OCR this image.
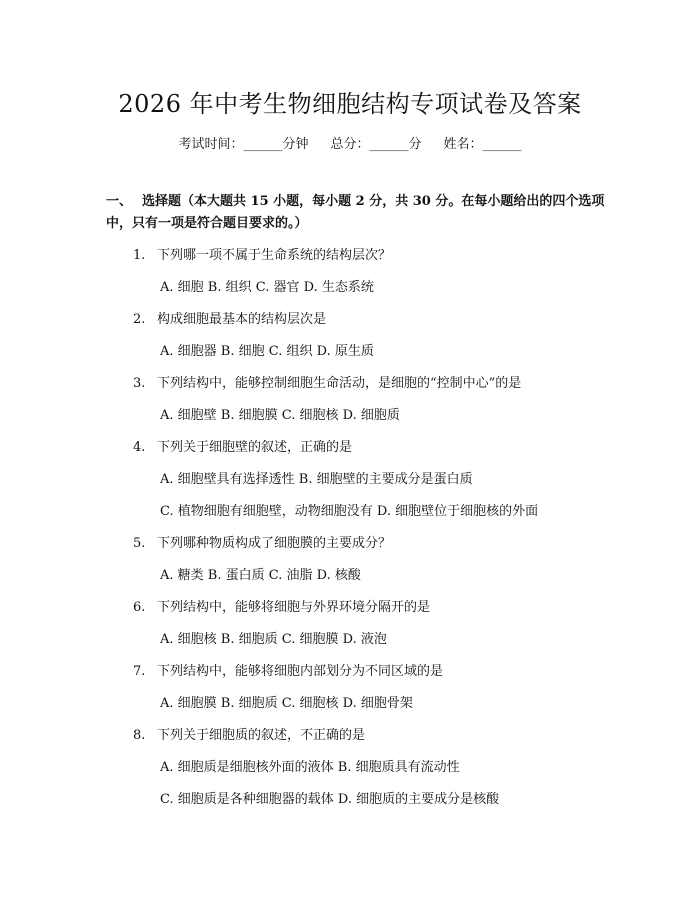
2026 年中考生物细胞结构专项试卷及答案
考试时间：______分钟 总分：______分 姓名：______
一、 选择题（本大题共 15 小题，每小题 2 分，共 30 分。在每小题给出的四个选项中，只有一项是符合题目要求的。）
1. 下列哪一项不属于生命系统的结构层次？
A. 细胞 B. 组织 C. 器官 D. 生态系统
2. 构成细胞最基本的结构层次是
A. 细胞器 B. 细胞 C. 组织 D. 原生质
3. 下列结构中，能够控制细胞生命活动，是细胞的“控制中心”的是
A. 细胞壁 B. 细胞膜 C. 细胞核 D. 细胞质
4. 下列关于细胞壁的叙述，正确的是
A. 细胞壁具有选择透性 B. 细胞壁的主要成分是蛋白质
C. 植物细胞有细胞壁，动物细胞没有 D. 细胞壁位于细胞核的外面
5. 下列哪种物质构成了细胞膜的主要成分？
A. 糖类 B. 蛋白质 C. 油脂 D. 核酸
6. 下列结构中，能够将细胞与外界环境分隔开的是
A. 细胞核 B. 细胞质 C. 细胞膜 D. 液泡
7. 下列结构中，能够将细胞内部划分为不同区域的是
A. 细胞膜 B. 细胞质 C. 细胞核 D. 细胞骨架
8. 下列关于细胞质的叙述，不正确的是
A. 细胞质是细胞核外面的液体 B. 细胞质具有流动性
C. 细胞质是各种细胞器的载体 D. 细胞质的主要成分是核酸
